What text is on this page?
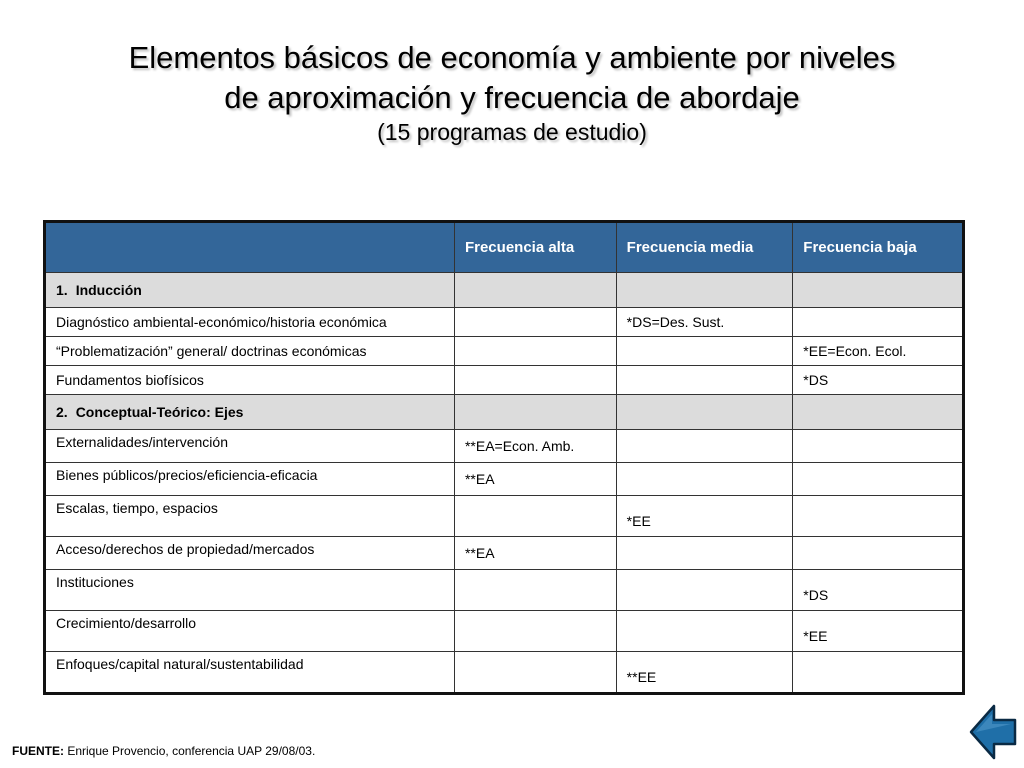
Elementos básicos de economía y ambiente por niveles
de aproximación y frecuencia de abordaje
(15 programas de estudio)
	Frecuencia alta	Frecuencia media	Frecuencia baja
1. Inducción			
Diagnóstico ambiental-económico/historia económica		*DS=Des. Sust.	
“Problematización” general/ doctrinas económicas			*EE=Econ. Ecol.
Fundamentos biofísicos			*DS
2. Conceptual-Teórico: Ejes			

Externalidades/intervención	**EA=Econ. Amb.		

Bienes públicos/precios/eficiencia-eficacia	**EA		

Escalas, tiempo, espacios		*EE	

Acceso/derechos de propiedad/mercados	**EA		

Instituciones			*DS

Crecimiento/desarrollo			*EE

Enfoques/capital natural/sustentabilidad		**EE	

FUENTE: Enrique Provencio, conferencia UAP 29/08/03.
